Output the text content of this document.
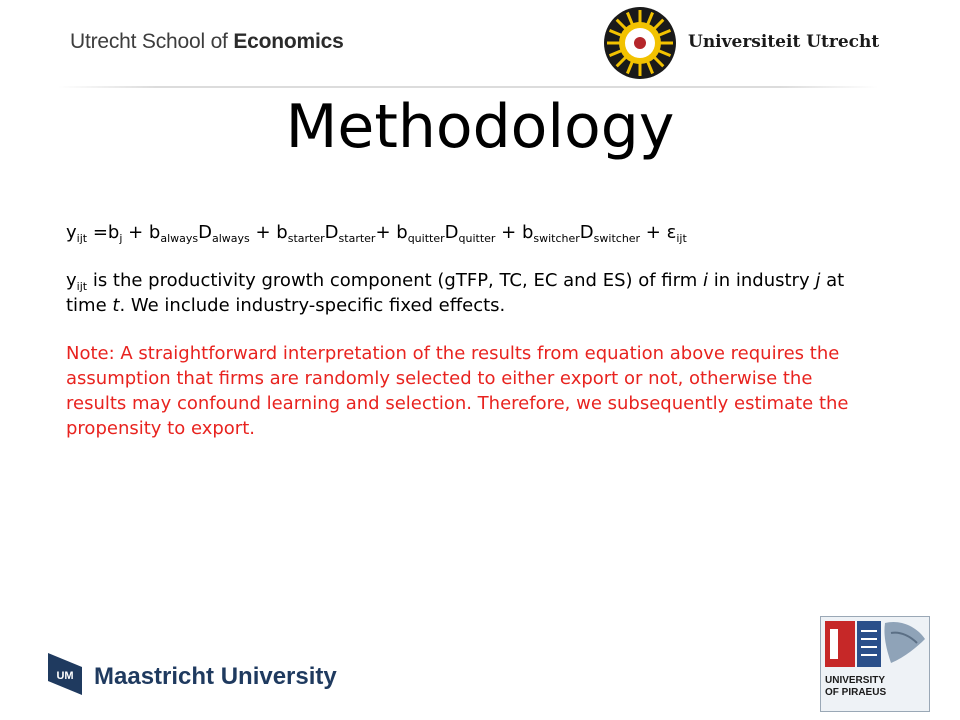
Utrecht School of Economics	Universiteit Utrecht
Methodology
$y_{ijt} =b_j + b_{always}D_{always} + b_{starter}D_{starter}+ b_{quitter}D_{quitter} + b_{switcher}D_{switcher} + \varepsilon_{ijt}$

$y_{ijt}$ is the productivity growth component (gTFP, TC, EC and ES) of firm i in industry j at time t. We include industry-specific fixed effects.

Note: A straightforward interpretation of the results from equation above requires the assumption that firms are randomly selected to either export or not, otherwise the results may confound learning and selection. Therefore, we subsequently estimate the propensity to export.

UM Maastricht University	UNIVERSITY
OF PIRAEUS
